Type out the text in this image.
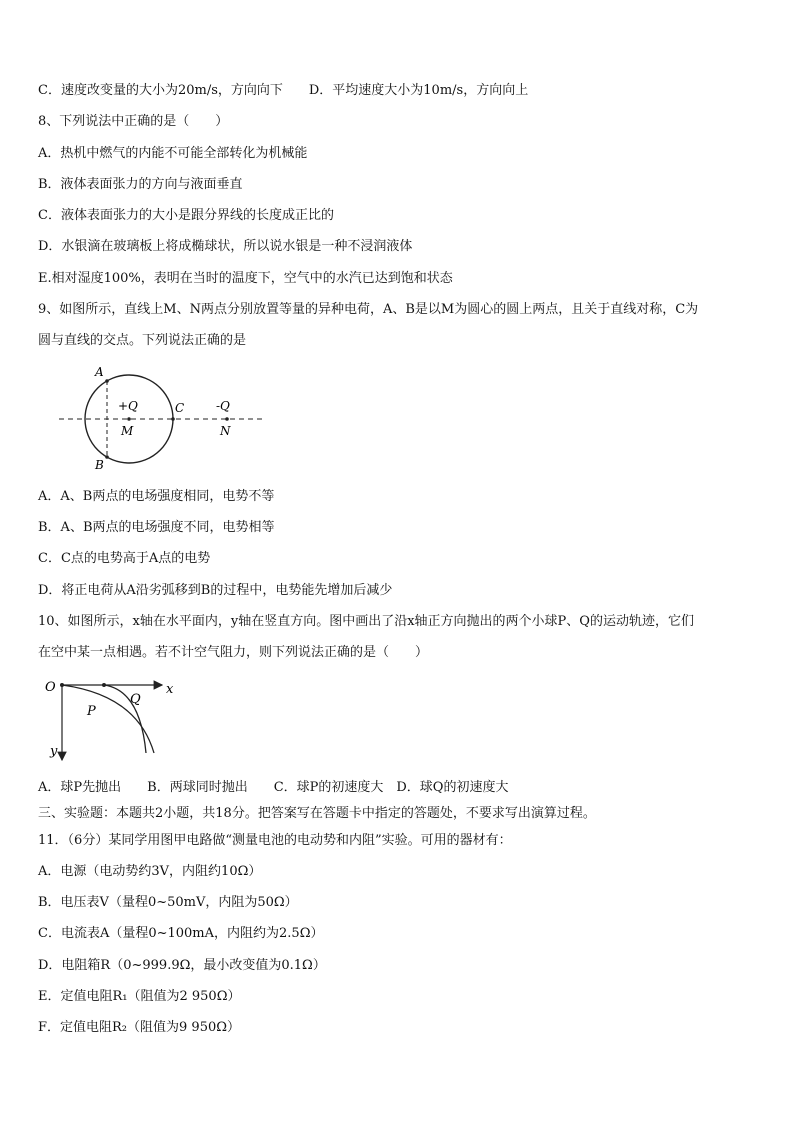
C．速度改变量的大小为20m/s，方向向下　　D．平均速度大小为10m/s，方向向上
8、下列说法中正确的是（　　）
A．热机中燃气的内能不可能全部转化为机械能
B．液体表面张力的方向与液面垂直
C．液体表面张力的大小是跟分界线的长度成正比的
D．水银滴在玻璃板上将成椭球状，所以说水银是一种不浸润液体
E.相对湿度100%，表明在当时的温度下，空气中的水汽已达到饱和状态
9、如图所示，直线上M、N两点分别放置等量的异种电荷，A、B是以M为圆心的圆上两点，且关于直线对称，C为
圆与直线的交点。下列说法正确的是
A
B
C
M	N
+Q	-Q
A．A、B两点的电场强度相同，电势不等
B．A、B两点的电场强度不同，电势相等
C．C点的电势高于A点的电势
D．将正电荷从A沿劣弧移到B的过程中，电势能先增加后减少
10、如图所示，x轴在水平面内，y轴在竖直方向。图中画出了沿x轴正方向抛出的两个小球P、Q的运动轨迹，它们
在空中某一点相遇。若不计空气阻力，则下列说法正确的是（　　）
O	x
y
P
Q
A．球P先抛出　　B．两球同时抛出　　C．球P的初速度大　D．球Q的初速度大
三、实验题：本题共2小题，共18分。把答案写在答题卡中指定的答题处，不要求写出演算过程。
11．（6分）某同学用图甲电路做“测量电池的电动势和内阻”实验。可用的器材有：
A．电源（电动势约3V，内阻约10Ω）
B．电压表V（量程0~50mV，内阻为50Ω）
C．电流表A（量程0~100mA，内阻约为2.5Ω）
D．电阻箱R（0~999.9Ω，最小改变值为0.1Ω）
E．定值电阻R₁（阻值为2 950Ω）
F．定值电阻R₂（阻值为9 950Ω）
